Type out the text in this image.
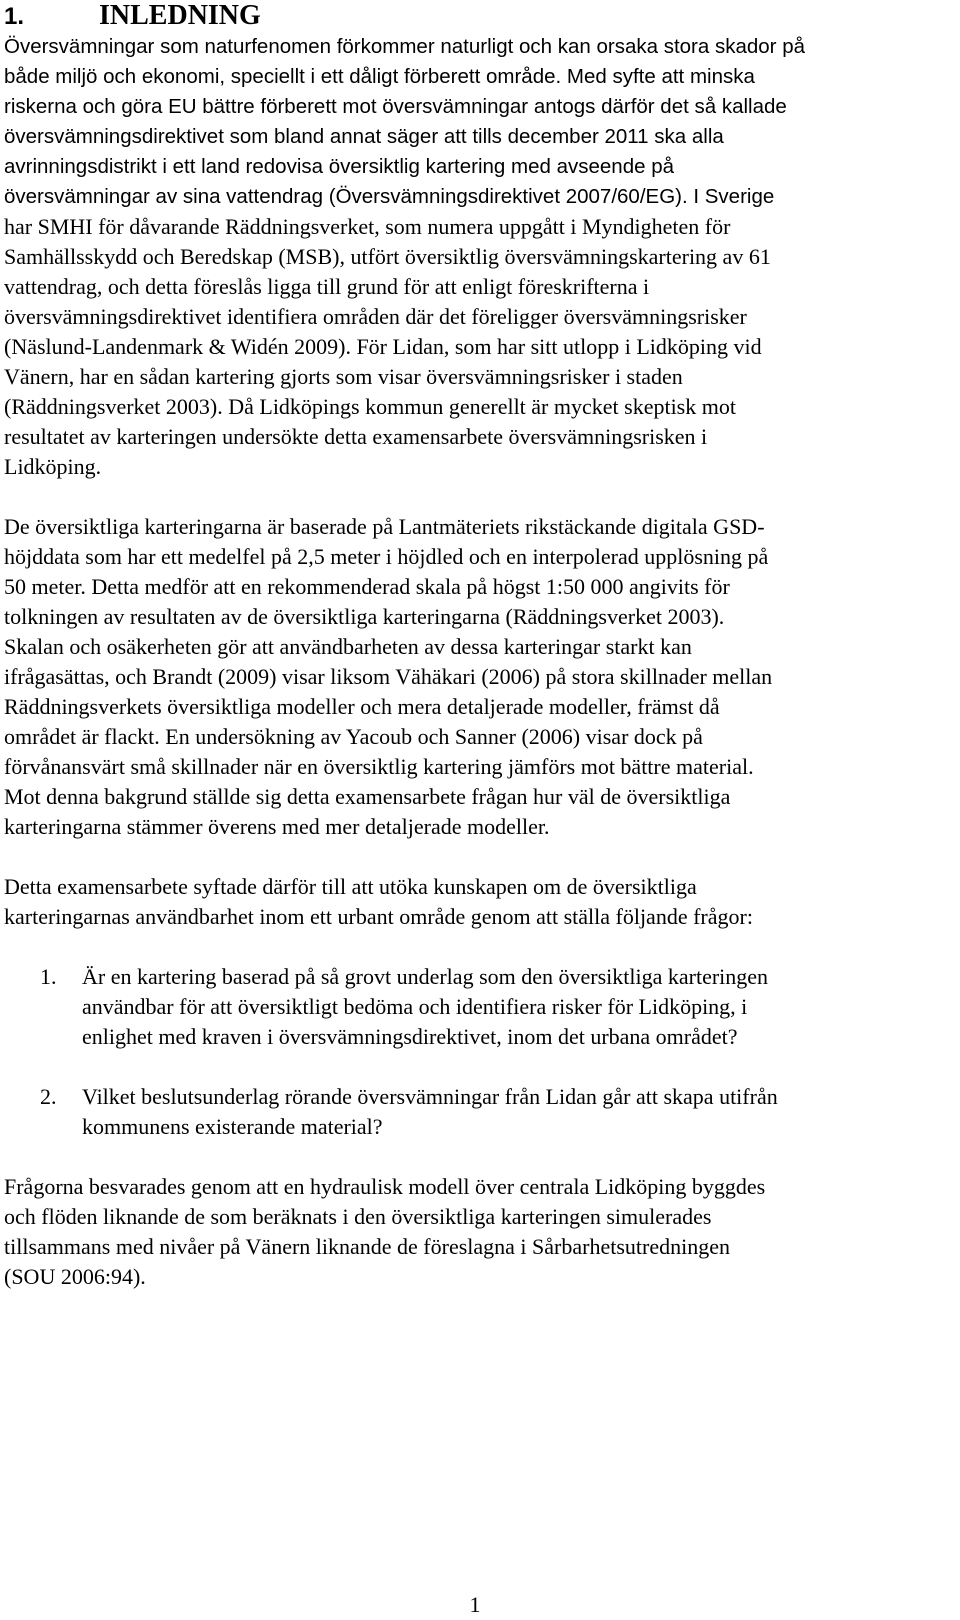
1.	INLEDNING
Översvämningar som naturfenomen förkommer naturligt och kan orsaka stora skador på
både miljö och ekonomi, speciellt i ett dåligt förberett område. Med syfte att minska
riskerna och göra EU bättre förberett mot översvämningar antogs därför det så kallade
översvämningsdirektivet som bland annat säger att tills december 2011 ska alla
avrinningsdistrikt i ett land redovisa översiktlig kartering med avseende på
översvämningar av sina vattendrag (Översvämningsdirektivet 2007/60/EG). I Sverige
har SMHI för dåvarande Räddningsverket, som numera uppgått i Myndigheten för
Samhällsskydd och Beredskap (MSB), utfört översiktlig översvämningskartering av 61
vattendrag, och detta föreslås ligga till grund för att enligt föreskrifterna i
översvämningsdirektivet identifiera områden där det föreligger översvämningsrisker
(Näslund-Landenmark & Widén 2009). För Lidan, som har sitt utlopp i Lidköping vid
Vänern, har en sådan kartering gjorts som visar översvämningsrisker i staden
(Räddningsverket 2003). Då Lidköpings kommun generellt är mycket skeptisk mot
resultatet av karteringen undersökte detta examensarbete översvämningsrisken i
Lidköping.
De översiktliga karteringarna är baserade på Lantmäteriets rikstäckande digitala GSD-
höjddata som har ett medelfel på 2,5 meter i höjdled och en interpolerad upplösning på
50 meter. Detta medför att en rekommenderad skala på högst 1:50 000 angivits för
tolkningen av resultaten av de översiktliga karteringarna (Räddningsverket 2003).
Skalan och osäkerheten gör att användbarheten av dessa karteringar starkt kan
ifrågasättas, och Brandt (2009) visar liksom Vähäkari (2006) på stora skillnader mellan
Räddningsverkets översiktliga modeller och mera detaljerade modeller, främst då
området är flackt. En undersökning av Yacoub och Sanner (2006) visar dock på
förvånansvärt små skillnader när en översiktlig kartering jämförs mot bättre material.
Mot denna bakgrund ställde sig detta examensarbete frågan hur väl de översiktliga
karteringarna stämmer överens med mer detaljerade modeller.
Detta examensarbete syftade därför till att utöka kunskapen om de översiktliga
karteringarnas användbarhet inom ett urbant område genom att ställa följande frågor:
1. Är en kartering baserad på så grovt underlag som den översiktliga karteringen
användbar för att översiktligt bedöma och identifiera risker för Lidköping, i
enlighet med kraven i översvämningsdirektivet, inom det urbana området?
2. Vilket beslutsunderlag rörande översvämningar från Lidan går att skapa utifrån
kommunens existerande material?
Frågorna besvarades genom att en hydraulisk modell över centrala Lidköping byggdes
och flöden liknande de som beräknats i den översiktliga karteringen simulerades
tillsammans med nivåer på Vänern liknande de föreslagna i Sårbarhetsutredningen
(SOU 2006:94).
1
